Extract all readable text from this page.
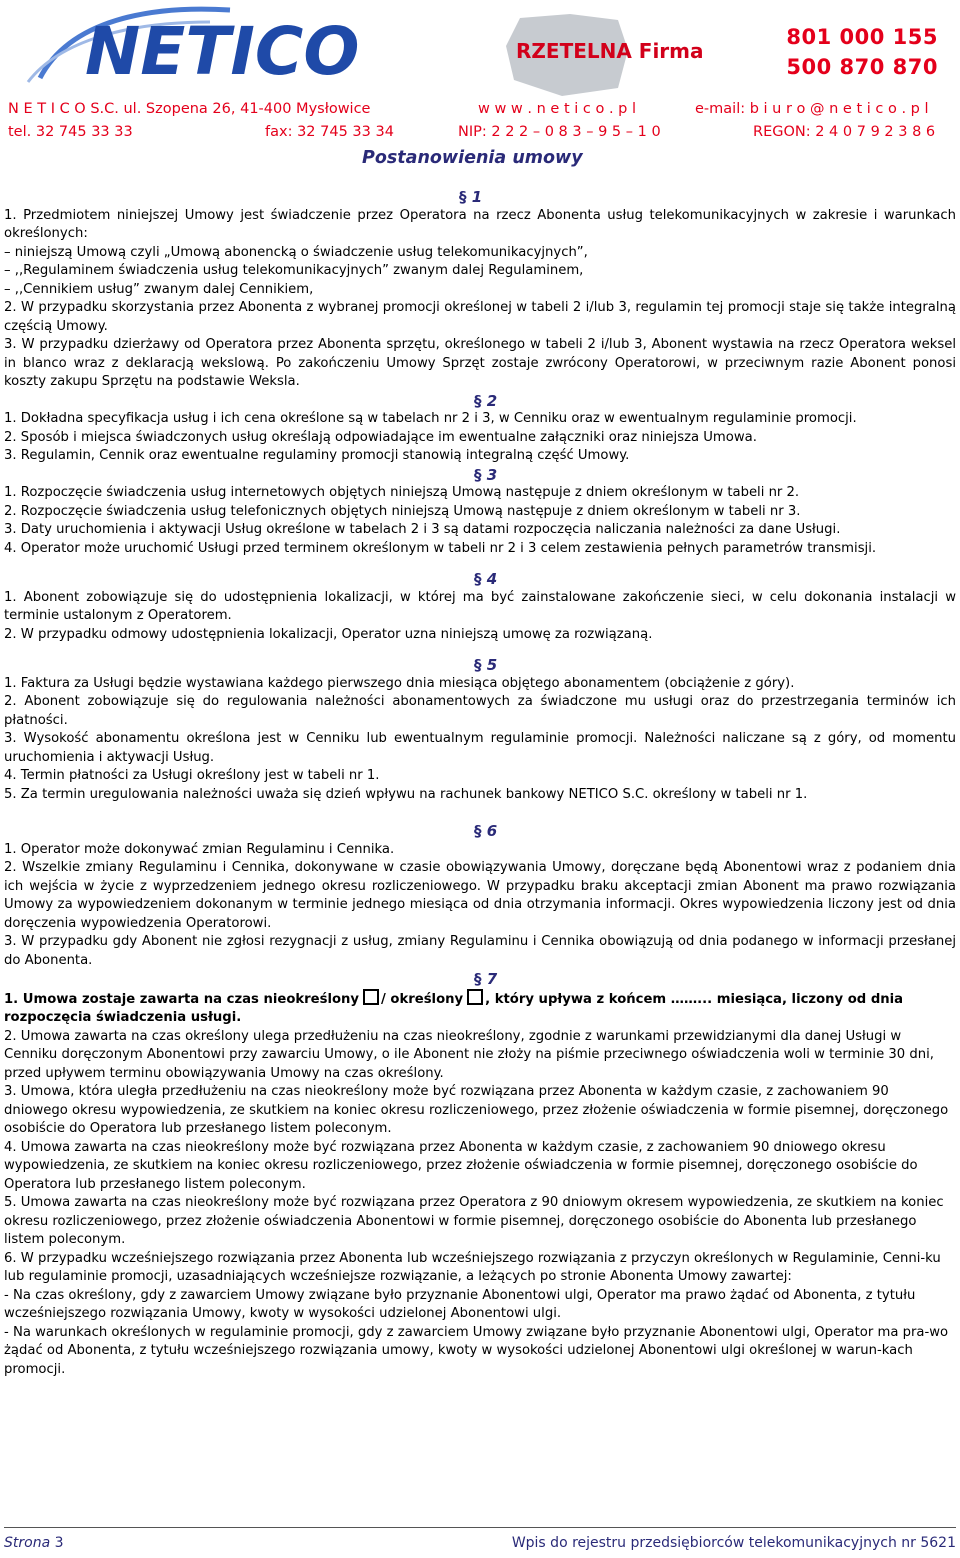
NETICO	RZETELNA Firma
801 000 155
500 870 870
N E T I C O S.C. ul. Szopena 26, 41-400 Mysłowice	w w w . n e t i c o . p l	e-mail: b i u r o @ n e t i c o . p l
tel. 32 745 33 33	fax: 32 745 33 34	NIP: 2 2 2 – 0 8 3 – 9 5 – 1 0	REGON: 2 4 0 7 9 2 3 8 6
Postanowienia umowy
§ 1

1. Przedmiotem niniejszej Umowy jest świadczenie przez Operatora na rzecz Abonenta usług telekomunikacyjnych w zakresie i warunkach określonych:

– niniejszą Umową czyli „Umową abonencką o świadczenie usług telekomunikacyjnych”,

– ,,Regulaminem świadczenia usług telekomunikacyjnych” zwanym dalej Regulaminem,

– ,,Cennikiem usług” zwanym dalej Cennikiem,

2. W przypadku skorzystania przez Abonenta z wybranej promocji określonej w tabeli 2 i/lub 3, regulamin tej promocji staje się także integralną częścią Umowy.

3. W przypadku dzierżawy od Operatora przez Abonenta sprzętu, określonego w tabeli 2 i/lub 3, Abonent wystawia na rzecz Operatora weksel in blanco wraz z deklaracją wekslową. Po zakończeniu Umowy Sprzęt zostaje zwrócony Operatorowi, w przeciwnym razie Abonent ponosi koszty zakupu Sprzętu na podstawie Weksla.

§ 2

1. Dokładna specyfikacja usług i ich cena określone są w tabelach nr 2 i 3, w Cenniku oraz w ewentualnym regulaminie promocji.

2. Sposób i miejsca świadczonych usług określają odpowiadające im ewentualne załączniki oraz niniejsza Umowa.

3. Regulamin, Cennik oraz ewentualne regulaminy promocji stanowią integralną część Umowy.

§ 3

1. Rozpoczęcie świadczenia usług internetowych objętych niniejszą Umową następuje z dniem określonym w tabeli nr 2.

2. Rozpoczęcie świadczenia usług telefonicznych objętych niniejszą Umową następuje z dniem określonym w tabeli nr 3.

3. Daty uruchomienia i aktywacji Usług określone w tabelach 2 i 3 są datami rozpoczęcia naliczania należności za dane Usługi.

4. Operator może uruchomić Usługi przed terminem określonym w tabeli nr 2 i 3 celem zestawienia pełnych parametrów transmisji.

§ 4

1. Abonent zobowiązuje się do udostępnienia lokalizacji, w której ma być zainstalowane zakończenie sieci, w celu dokonania instalacji w terminie ustalonym z Operatorem.

2. W przypadku odmowy udostępnienia lokalizacji, Operator uzna niniejszą umowę za rozwiązaną.

§ 5

1. Faktura za Usługi będzie wystawiana każdego pierwszego dnia miesiąca objętego abonamentem (obciążenie z góry).

2. Abonent zobowiązuje się do regulowania należności abonamentowych za świadczone mu usługi oraz do przestrzegania terminów ich płatności.

3. Wysokość abonamentu określona jest w Cenniku lub ewentualnym regulaminie promocji. Należności naliczane są z góry, od momentu uruchomienia i aktywacji Usług.

4. Termin płatności za Usługi określony jest w tabeli nr 1.

5. Za termin uregulowania należności uważa się dzień wpływu na rachunek bankowy NETICO S.C. określony w tabeli nr 1.

§ 6

1. Operator może dokonywać zmian Regulaminu i Cennika.

2. Wszelkie zmiany Regulaminu i Cennika, dokonywane w czasie obowiązywania Umowy, doręczane będą Abonentowi wraz z podaniem dnia ich wejścia w życie z wyprzedzeniem jednego okresu rozliczeniowego. W przypadku braku akceptacji zmian Abonent ma prawo rozwiązania Umowy za wypowiedzeniem dokonanym w terminie jednego miesiąca od dnia otrzymania informacji. Okres wypowiedzenia liczony jest od dnia doręczenia wypowiedzenia Operatorowi.

3. W przypadku gdy Abonent nie zgłosi rezygnacji z usług, zmiany Regulaminu i Cennika obowiązują od dnia podanego w informacji przesłanej do Abonenta.

§ 7

1. Umowa zostaje zawarta na czas nieokreślony / określony , który upływa z końcem ……... miesiąca, liczony od dnia rozpoczęcia świadczenia usługi.

2. Umowa zawarta na czas określony ulega przedłużeniu na czas nieokreślony, zgodnie z warunkami przewidzianymi dla danej Usługi w Cenniku doręczonym Abonentowi przy zawarciu Umowy, o ile Abonent nie złoży na piśmie przeciwnego oświadczenia woli w terminie 30 dni, przed upływem terminu obowiązywania Umowy na czas określony.

3. Umowa, która uległa przedłużeniu na czas nieokreślony może być rozwiązana przez Abonenta w każdym czasie, z zachowaniem 90 dniowego okresu wypowiedzenia, ze skutkiem na koniec okresu rozliczeniowego, przez złożenie oświadczenia w formie pisemnej, doręczonego osobiście do Operatora lub przesłanego listem poleconym.

4. Umowa zawarta na czas nieokreślony może być rozwiązana przez Abonenta w każdym czasie, z zachowaniem 90 dniowego okresu wypowiedzenia, ze skutkiem na koniec okresu rozliczeniowego, przez złożenie oświadczenia w formie pisemnej, doręczonego osobiście do Operatora lub przesłanego listem poleconym.

5. Umowa zawarta na czas nieokreślony może być rozwiązana przez Operatora z 90 dniowym okresem wypowiedzenia, ze skutkiem na koniec okresu rozliczeniowego, przez złożenie oświadczenia Abonentowi w formie pisemnej, doręczonego osobiście do Abonenta lub przesłanego listem poleconym.

6. W przypadku wcześniejszego rozwiązania przez Abonenta lub wcześniejszego rozwiązania z przyczyn określonych w Regulaminie, Cenni-ku lub regulaminie promocji, uzasadniających wcześniejsze rozwiązanie, a leżących po stronie Abonenta Umowy zawartej:

- Na czas określony, gdy z zawarciem Umowy związane było przyznanie Abonentowi ulgi, Operator ma prawo żądać od Abonenta, z tytułu wcześniejszego rozwiązania Umowy, kwoty w wysokości udzielonej Abonentowi ulgi.

- Na warunkach określonych w regulaminie promocji, gdy z zawarciem Umowy związane było przyznanie Abonentowi ulgi, Operator ma pra-wo żądać od Abonenta, z tytułu wcześniejszego rozwiązania umowy, kwoty w wysokości udzielonej Abonentowi ulgi określonej w warun-kach promocji.

Strona 3	Wpis do rejestru przedsiębiorców telekomunikacyjnych nr 5621
